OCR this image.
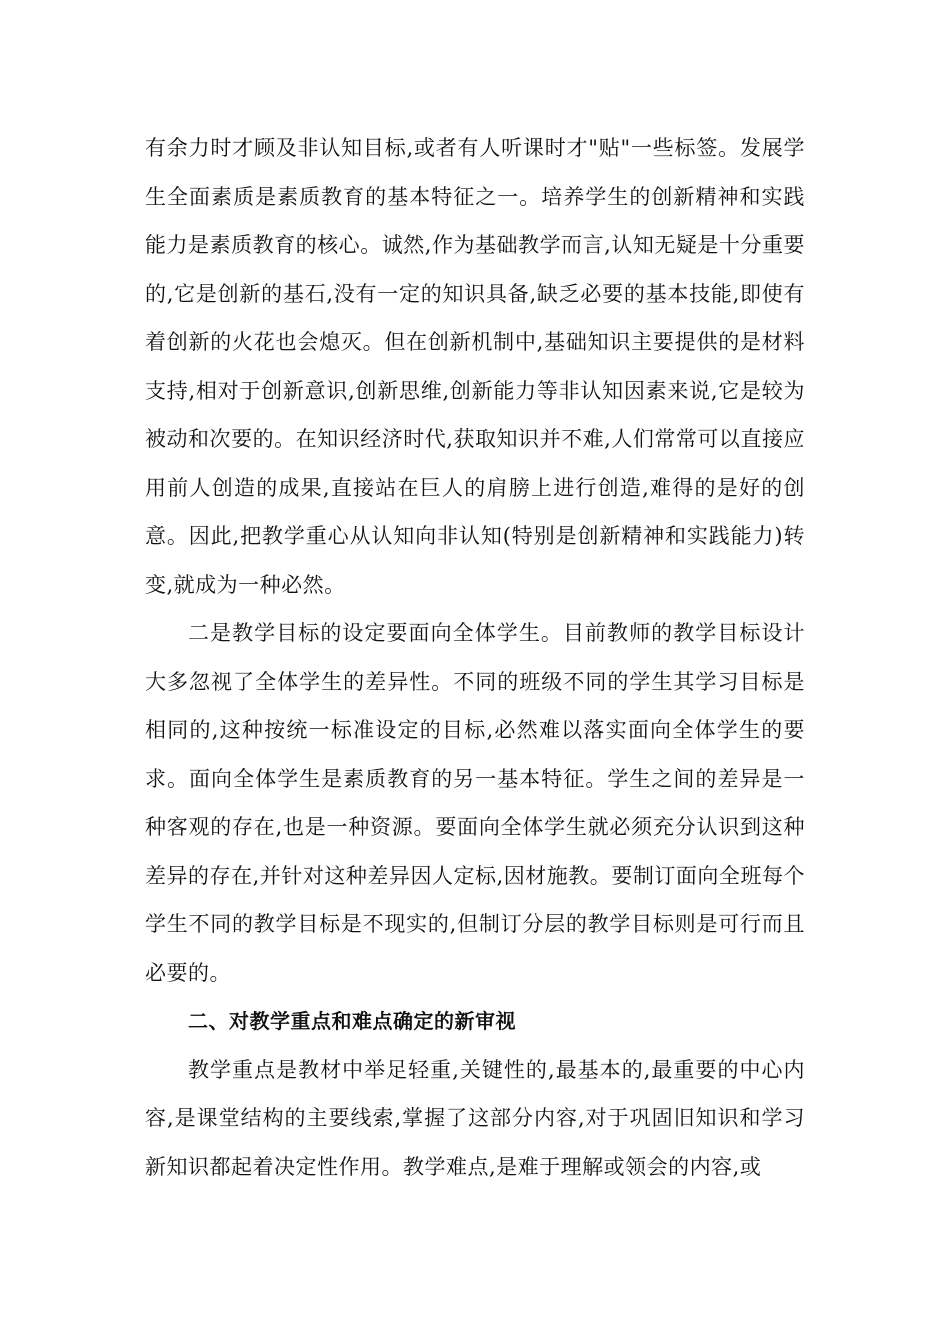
有余力时才顾及非认知目标,或者有人听课时才"贴"一些标签。发展学生全面素质是素质教育的基本特征之一。培养学生的创新精神和实践能力是素质教育的核心。诚然,作为基础教学而言,认知无疑是十分重要的,它是创新的基石,没有一定的知识具备,缺乏必要的基本技能,即使有着创新的火花也会熄灭。但在创新机制中,基础知识主要提供的是材料支持,相对于创新意识,创新思维,创新能力等非认知因素来说,它是较为被动和次要的。在知识经济时代,获取知识并不难,人们常常可以直接应用前人创造的成果,直接站在巨人的肩膀上进行创造,难得的是好的创意。因此,把教学重心从认知向非认知(特别是创新精神和实践能力)转变,就成为一种必然。

二是教学目标的设定要面向全体学生。目前教师的教学目标设计大多忽视了全体学生的差异性。不同的班级不同的学生其学习目标是相同的,这种按统一标准设定的目标,必然难以落实面向全体学生的要求。面向全体学生是素质教育的另一基本特征。学生之间的差异是一种客观的存在,也是一种资源。要面向全体学生就必须充分认识到这种差异的存在,并针对这种差异因人定标,因材施教。要制订面向全班每个学生不同的教学目标是不现实的,但制订分层的教学目标则是可行而且必要的。

二、对教学重点和难点确定的新审视

教学重点是教材中举足轻重,关键性的,最基本的,最重要的中心内容,是课堂结构的主要线索,掌握了这部分内容,对于巩固旧知识和学习新知识都起着决定性作用。教学难点,是难于理解或领会的内容,或
